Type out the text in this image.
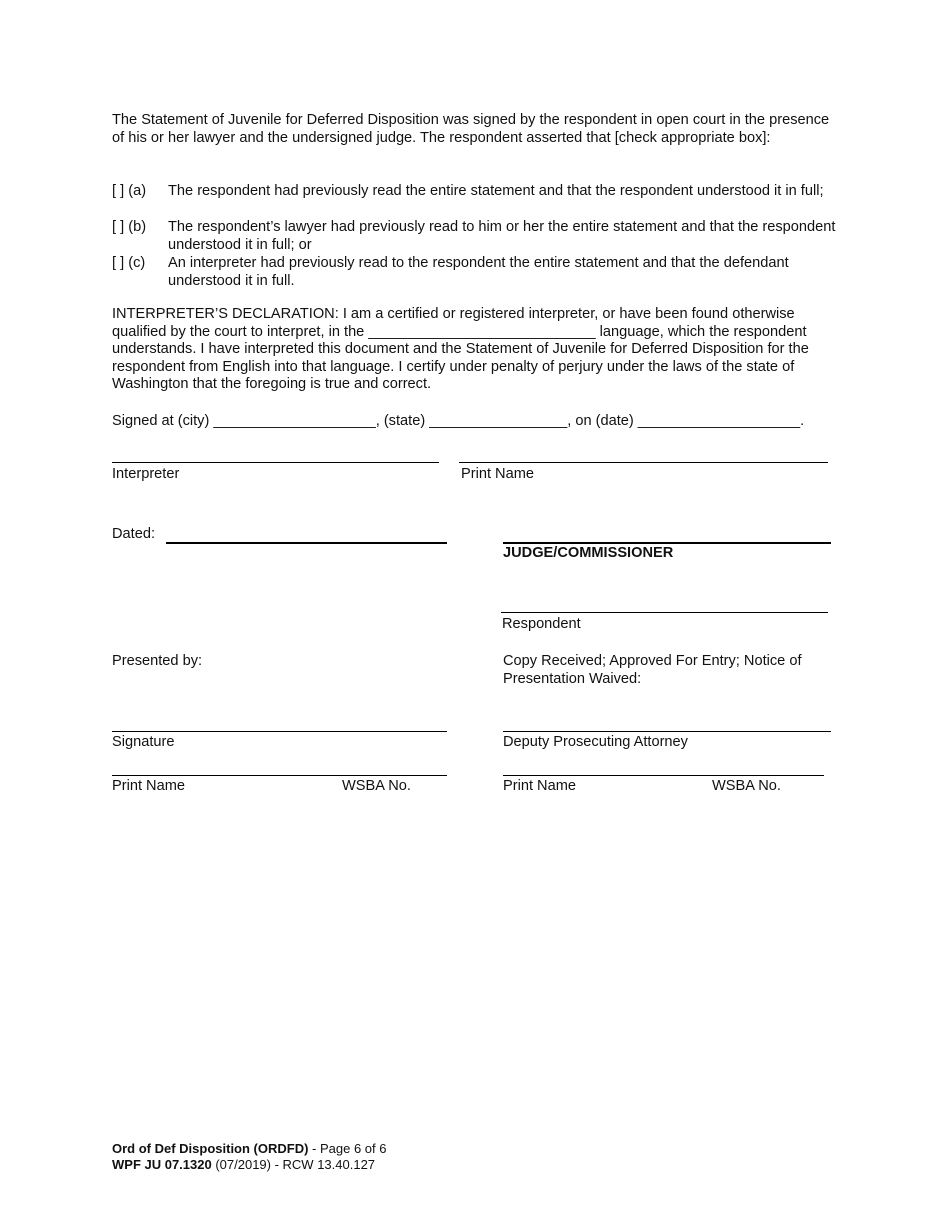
The Statement of Juvenile for Deferred Disposition was signed by the respondent in open court in the presence of his or her lawyer and the undersigned judge. The respondent asserted that [check appropriate box]:
[ ] (a)	The respondent had previously read the entire statement and that the respondent understood it in full;
[ ] (b)	The respondent’s lawyer had previously read to him or her the entire statement and that the respondent understood it in full; or
[ ] (c)	An interpreter had previously read to the respondent the entire statement and that the defendant understood it in full.
INTERPRETER’S DECLARATION: I am a certified or registered interpreter, or have been found otherwise qualified by the court to interpret, in the ____________________________ language, which the respondent understands. I have interpreted this document and the Statement of Juvenile for Deferred Disposition for the respondent from English into that language. I certify under penalty of perjury under the laws of the state of Washington that the foregoing is true and correct.
Signed at (city) ____________________, (state) _________________, on (date) ____________________.
Interpreter	Print Name
Dated:
JUDGE/COMMISSIONER
Respondent
Presented by:	Copy Received; Approved For Entry; Notice of Presentation Waived:
Signature	Deputy Prosecuting Attorney
Print Name	WSBA No.	Print Name	WSBA No.
Ord of Def Disposition (ORDFD) - Page 6 of 6
WPF JU 07.1320 (07/2019) - RCW 13.40.127
